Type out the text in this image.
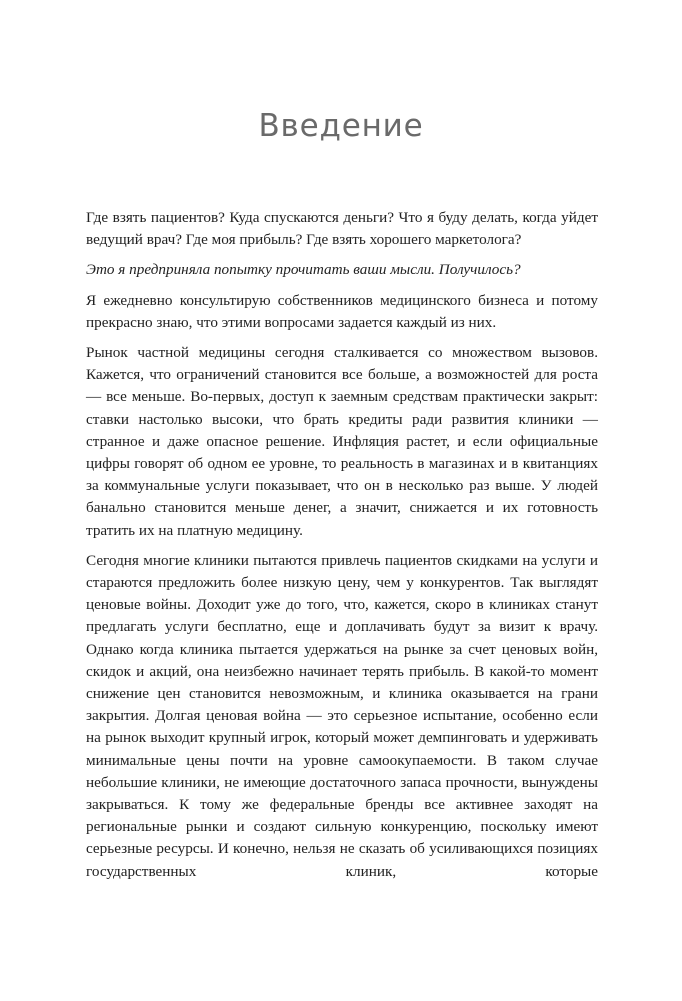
Введение

Где взять пациентов? Куда спускаются деньги? Что я буду делать, когда уйдет ведущий врач? Где моя прибыль? Где взять хорошего маркетолога?

Это я предприняла попытку прочитать ваши мысли. Получилось?

Я ежедневно консультирую собственников медицинского бизнеса и потому прекрасно знаю, что этими вопросами задается каждый из них.

Рынок частной медицины сегодня сталкивается со множеством вызовов. Кажется, что ограничений становится все больше, а возможностей для роста — все меньше. Во-первых, доступ к заемным средствам практически закрыт: ставки настолько высоки, что брать кредиты ради развития клиники — странное и даже опасное решение. Инфляция растет, и если официальные цифры говорят об одном ее уровне, то реальность в магазинах и в квитанциях за коммунальные услуги показывает, что он в несколько раз выше. У людей банально становится меньше денег, а значит, снижается и их готовность тратить их на платную медицину.

Сегодня многие клиники пытаются привлечь пациентов скидками на услуги и стараются предложить более низкую цену, чем у конкурентов. Так выглядят ценовые войны. Доходит уже до того, что, кажется, скоро в клиниках станут предлагать услуги бесплатно, еще и доплачивать будут за визит к врачу. Однако когда клиника пытается удержаться на рынке за счет ценовых войн, скидок и акций, она неизбежно начинает терять прибыль. В какой-то момент снижение цен становится невозможным, и клиника оказывается на грани закрытия. Долгая ценовая война — это серьезное испытание, особенно если на рынок выходит крупный игрок, который может демпинговать и удерживать минимальные цены почти на уровне самоокупаемости. В таком случае небольшие клиники, не имеющие достаточного запаса прочности, вынуждены закрываться. К тому же федеральные бренды все активнее заходят на региональные рынки и создают сильную конкуренцию, поскольку имеют серьезные ресурсы. И конечно, нельзя не сказать об усиливающихся позициях государственных клиник, которые
